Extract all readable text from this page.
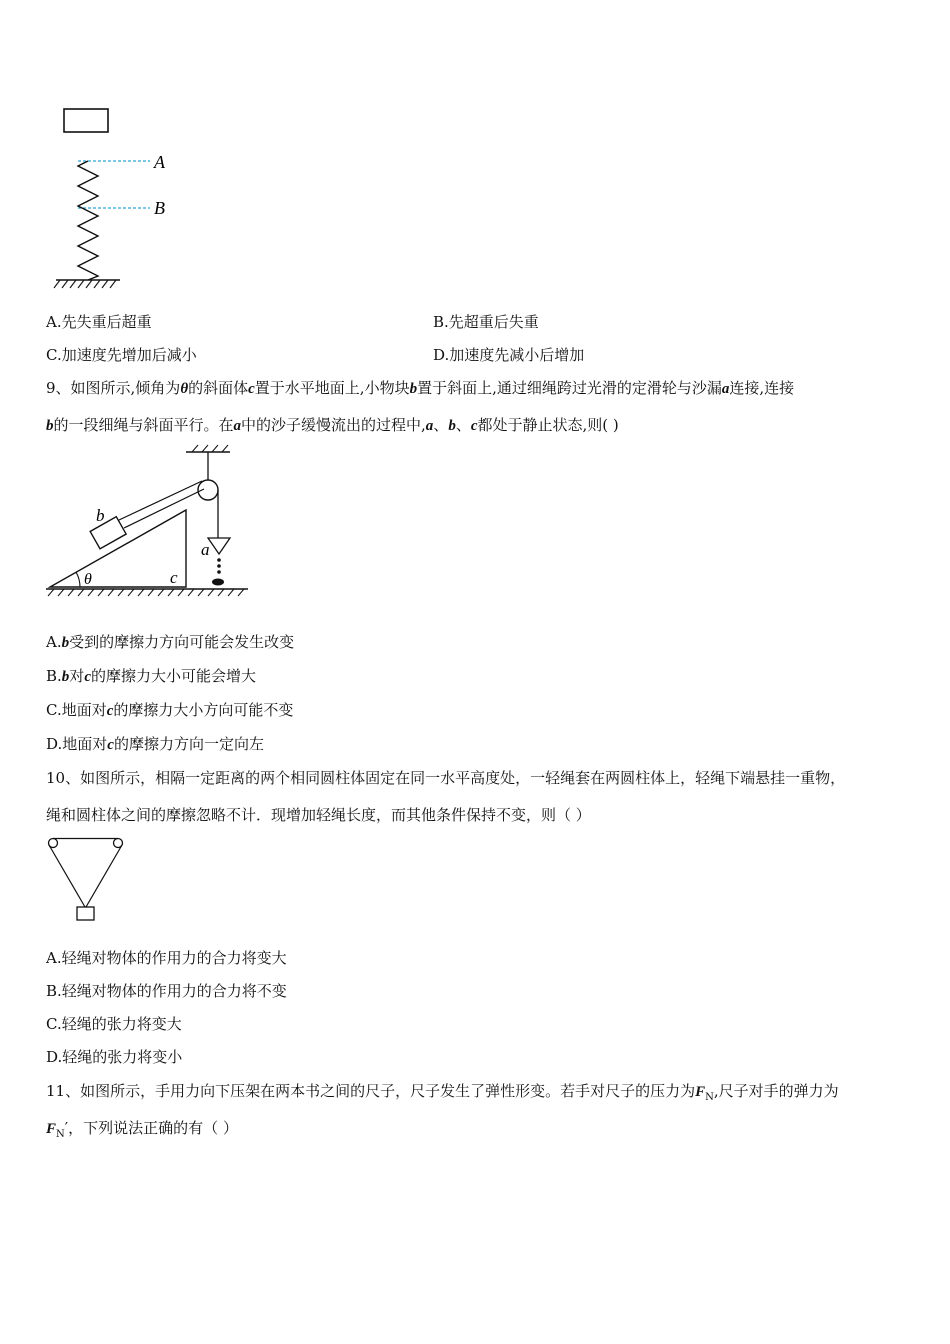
A
B
A.先失重后超重	B.先超重后失重
C.加速度先增加后减小	D.加速度先减小后增加
9、如图所示,倾角为θ的斜面体c置于水平地面上,小物块b置于斜面上,通过细绳跨过光滑的定滑轮与沙漏a连接,连接
b的一段细绳与斜面平行。在a中的沙子缓慢流出的过程中,a、b、c都处于静止状态,则( )
b
a
θ	c
A.b受到的摩擦力方向可能会发生改变
B.b对c的摩擦力大小可能会增大
C.地面对c的摩擦力大小方向可能不变
D.地面对c的摩擦力方向一定向左
10、如图所示，相隔一定距离的两个相同圆柱体固定在同一水平高度处，一轻绳套在两圆柱体上，轻绳下端悬挂一重物，
绳和圆柱体之间的摩擦忽略不计．现增加轻绳长度，而其他条件保持不变，则（ ）
A.轻绳对物体的作用力的合力将变大
B.轻绳对物体的作用力的合力将不变
C.轻绳的张力将变大
D.轻绳的张力将变小
11、如图所示，手用力向下压架在两本书之间的尺子，尺子发生了弹性形变。若手对尺子的压力为$F_N$,尺子对手的弹力为
$F_N'$，下列说法正确的有（ ）
